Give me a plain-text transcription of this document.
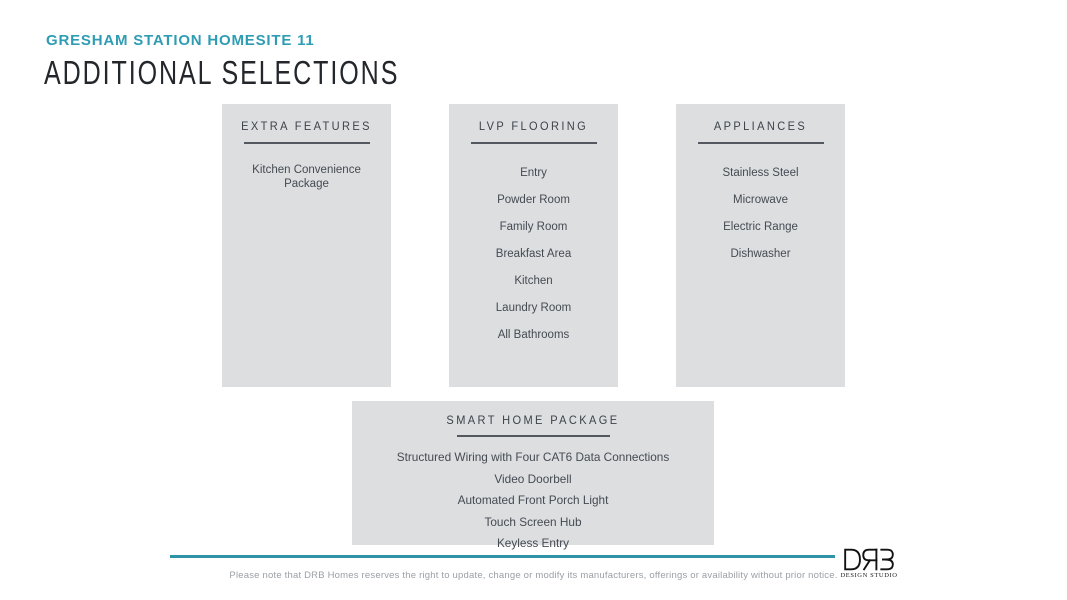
GRESHAM STATION HOMESITE 11
ADDITIONAL SELECTIONS
EXTRA FEATURES
Kitchen Convenience Package
LVP FLOORING
Entry
Powder Room
Family Room
Breakfast Area
Kitchen
Laundry Room
All Bathrooms
APPLIANCES
Stainless Steel
Microwave
Electric Range
Dishwasher
SMART HOME PACKAGE
Structured Wiring with Four CAT6 Data Connections
Video Doorbell
Automated Front Porch Light
Touch Screen Hub
Keyless Entry
Please note that DRB Homes reserves the right to update, change or modify its manufacturers, offerings or availability without prior notice. DESIGN STUDIO
